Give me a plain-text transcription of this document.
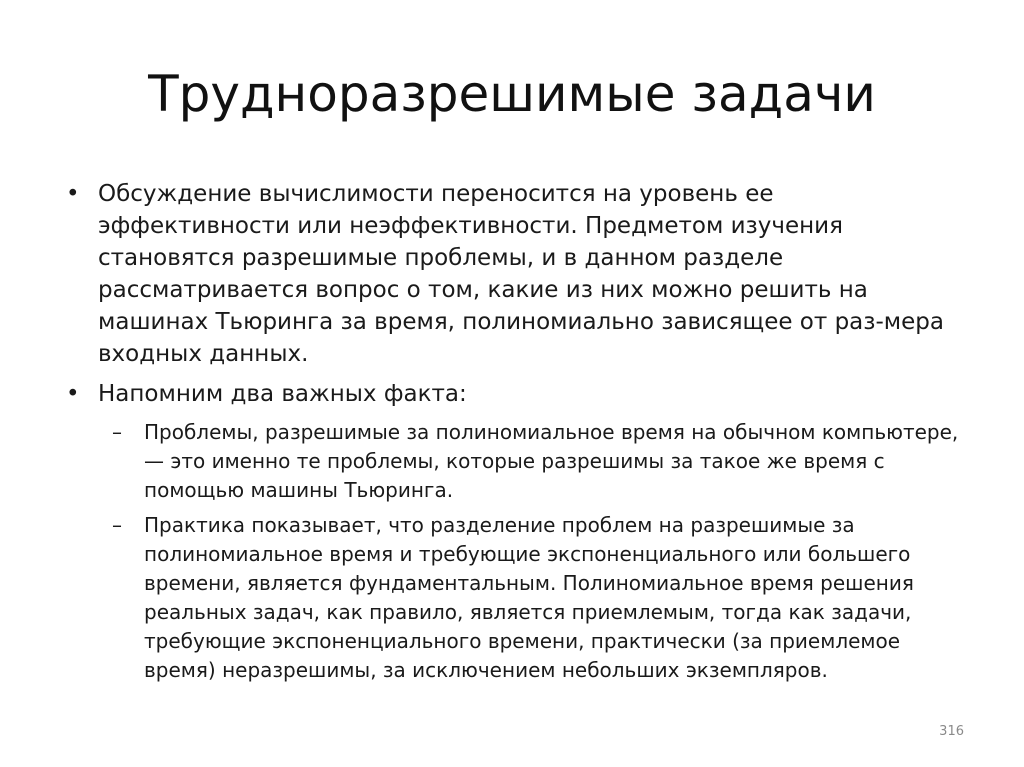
Трудноразрешимые задачи
• Обсуждение вычислимости переносится на уровень ее эффективности или неэффективности. Предметом изучения становятся разрешимые проблемы, и в данном разделе рассматривается вопрос о том, какие из них можно решить на машинах Тьюринга за время, полиномиально зависящее от раз-мера входных данных.
• Напомним два важных факта:
–	Проблемы, разрешимые за полиномиальное время на обычном компьютере, — это именно те проблемы, которые разрешимы за такое же время с помощью машины Тьюринга.
–	Практика показывает, что разделение проблем на разрешимые за полиномиальное время и требующие экспоненциального или большего времени, является фундаментальным. Полиномиальное время решения реальных задач, как правило, является приемлемым, тогда как задачи, требующие экспоненциального времени, практически (за приемлемое время) неразрешимы, за исключением небольших экземпляров.
316
